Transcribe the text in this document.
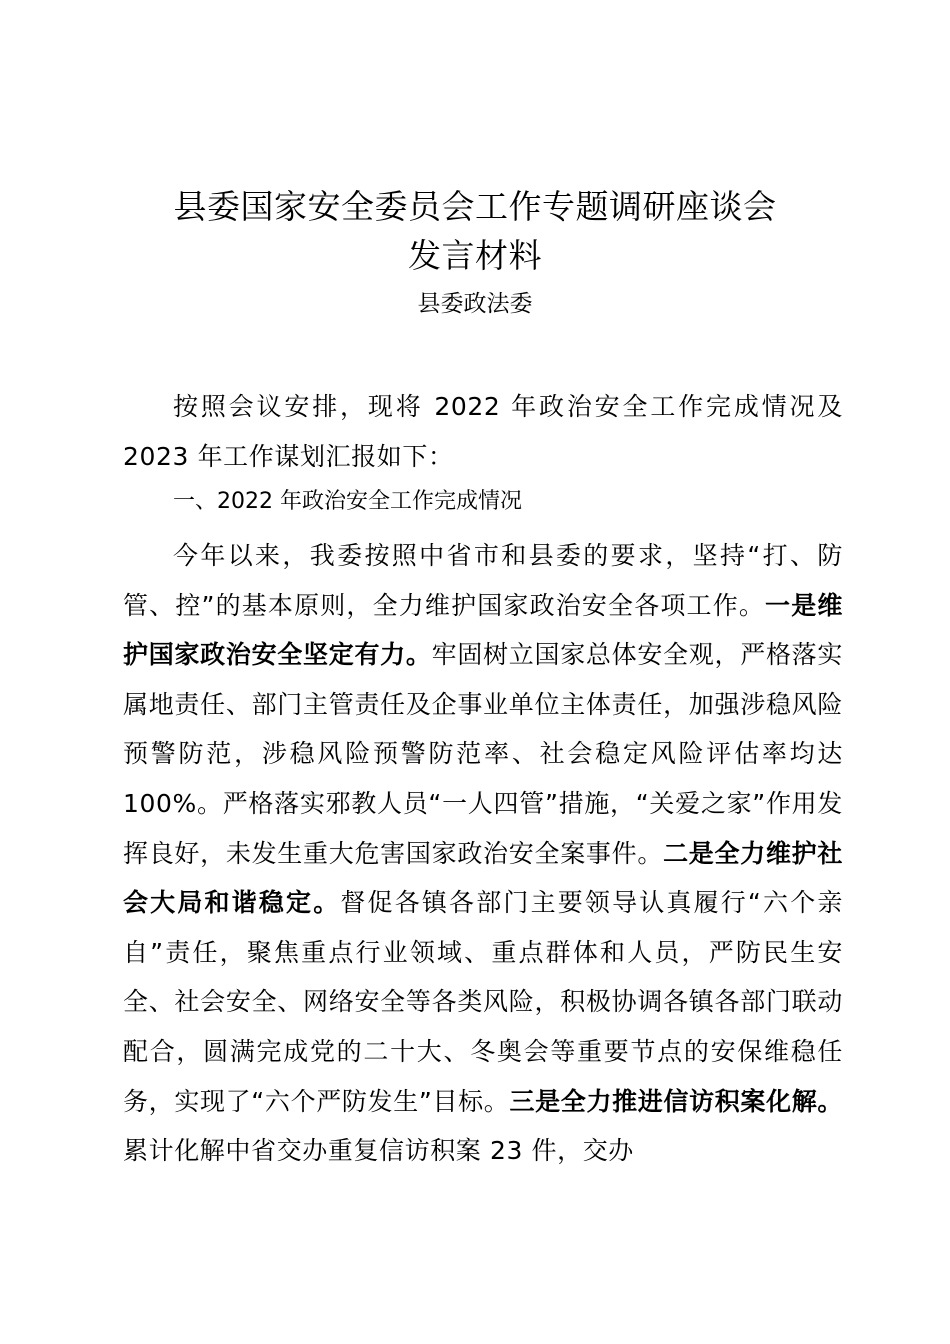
县委国家安全委员会工作专题调研座谈会
发言材料
县委政法委

按照会议安排，现将 2022 年政治安全工作完成情况及 2023 年工作谋划汇报如下：

一、2022 年政治安全工作完成情况

今年以来，我委按照中省市和县委的要求，坚持“打、防管、控”的基本原则，全力维护国家政治安全各项工作。一是维护国家政治安全坚定有力。牢固树立国家总体安全观，严格落实属地责任、部门主管责任及企事业单位主体责任，加强涉稳风险预警防范，涉稳风险预警防范率、社会稳定风险评估率均达 100%。严格落实邪教人员“一人四管”措施，“关爱之家”作用发挥良好，未发生重大危害国家政治安全案事件。二是全力维护社会大局和谐稳定。督促各镇各部门主要领导认真履行“六个亲自”责任，聚焦重点行业领域、重点群体和人员，严防民生安全、社会安全、网络安全等各类风险，积极协调各镇各部门联动配合，圆满完成党的二十大、冬奥会等重要节点的安保维稳任务，实现了“六个严防发生”目标。三是全力推进信访积案化解。累计化解中省交办重复信访积案 23 件，交办
